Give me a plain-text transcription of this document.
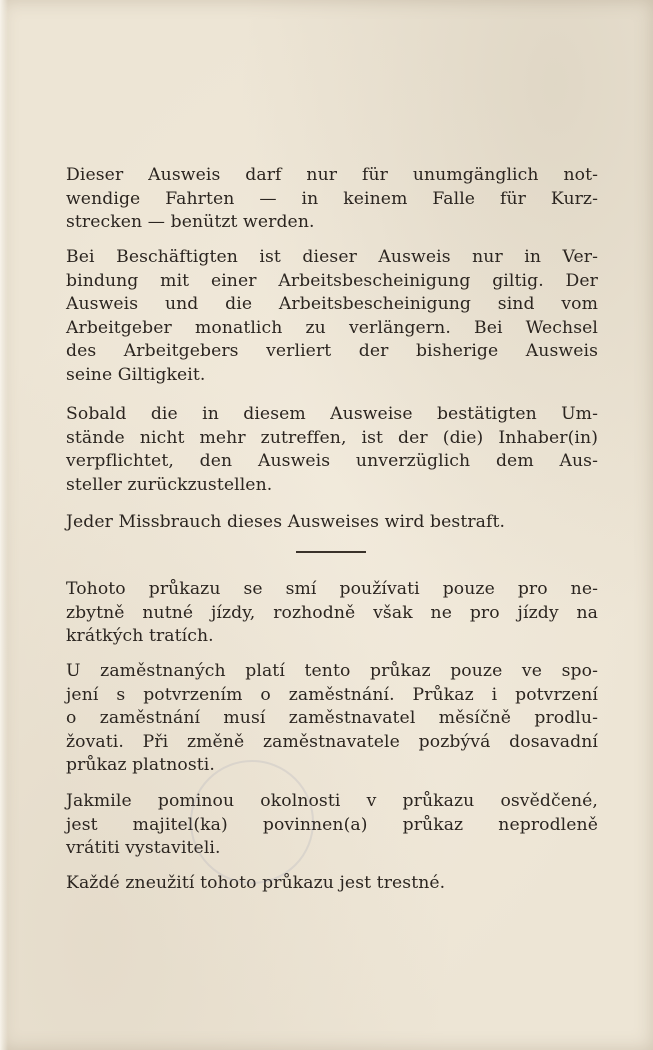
Dieser Ausweis darf nur für unumgänglich not-
wendige Fahrten — in keinem Falle für Kurz-
strecken — benützt werden.
Bei Beschäftigten ist dieser Ausweis nur in Ver-
bindung mit einer Arbeitsbescheinigung giltig. Der
Ausweis und die Arbeitsbescheinigung sind vom
Arbeitgeber monatlich zu verlängern. Bei Wechsel
des Arbeitgebers verliert der bisherige Ausweis
seine Giltigkeit.
Sobald die in diesem Ausweise bestätigten Um-
stände nicht mehr zutreffen, ist der (die) Inhaber(in)
verpflichtet, den Ausweis unverzüglich dem Aus-
steller zurückzustellen.
Jeder Missbrauch dieses Ausweises wird bestraft.
Tohoto průkazu se smí používati pouze pro ne-
zbytně nutné jízdy, rozhodně však ne pro jízdy na
krátkých tratích.
U zaměstnaných platí tento průkaz pouze ve spo-
jení s potvrzením o zaměstnání. Průkaz i potvrzení
o zaměstnání musí zaměstnavatel měsíčně prodlu-
žovati. Při změně zaměstnavatele pozbývá dosavadní
průkaz platnosti.
Jakmile pominou okolnosti v průkazu osvědčené,
jest majitel(ka) povinnen(a) průkaz neprodleně
vrátiti vystaviteli.
Každé zneužití tohoto průkazu jest trestné.
